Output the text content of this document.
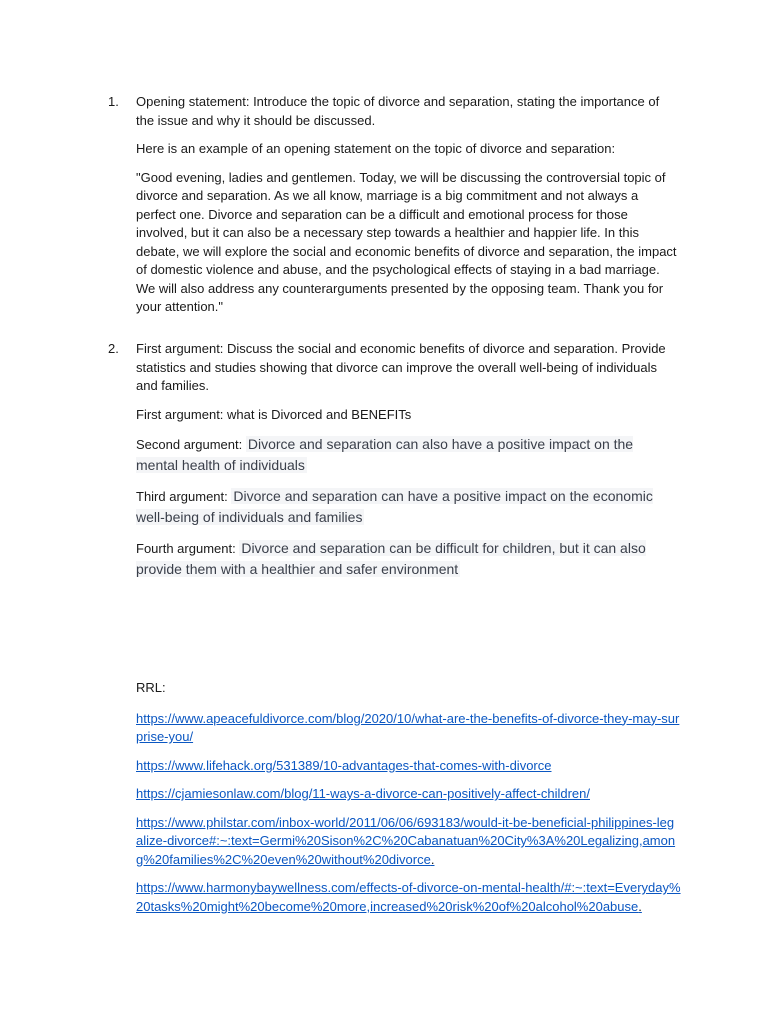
1. Opening statement: Introduce the topic of divorce and separation, stating the importance of the issue and why it should be discussed.

Here is an example of an opening statement on the topic of divorce and separation:

"Good evening, ladies and gentlemen. Today, we will be discussing the controversial topic of divorce and separation. As we all know, marriage is a big commitment and not always a perfect one. Divorce and separation can be a difficult and emotional process for those involved, but it can also be a necessary step towards a healthier and happier life. In this debate, we will explore the social and economic benefits of divorce and separation, the impact of domestic violence and abuse, and the psychological effects of staying in a bad marriage. We will also address any counterarguments presented by the opposing team. Thank you for your attention."

2. First argument: Discuss the social and economic benefits of divorce and separation. Provide statistics and studies showing that divorce can improve the overall well-being of individuals and families.

First argument: what is Divorced and BENEFITs

Second argument: Divorce and separation can also have a positive impact on the mental health of individuals
Third argument: Divorce and separation can have a positive impact on the economic well-being of individuals and families
Fourth argument: Divorce and separation can be difficult for children, but it can also provide them with a healthier and safer environment

RRL:

https://www.apeacefuldivorce.com/blog/2020/10/what-are-the-benefits-of-divorce-they-may-surprise-you/

https://www.lifehack.org/531389/10-advantages-that-comes-with-divorce

https://cjamiesonlaw.com/blog/11-ways-a-divorce-can-positively-affect-children/

https://www.philstar.com/inbox-world/2011/06/06/693183/would-it-be-beneficial-philippines-legalize-divorce#:~:text=Germi%20Sison%2C%20Cabanatuan%20City%3A%20Legalizing,among%20families%2C%20even%20without%20divorce.

https://www.harmonybaywellness.com/effects-of-divorce-on-mental-health/#:~:text=Everyday%20tasks%20might%20become%20more,increased%20risk%20of%20alcohol%20abuse.
